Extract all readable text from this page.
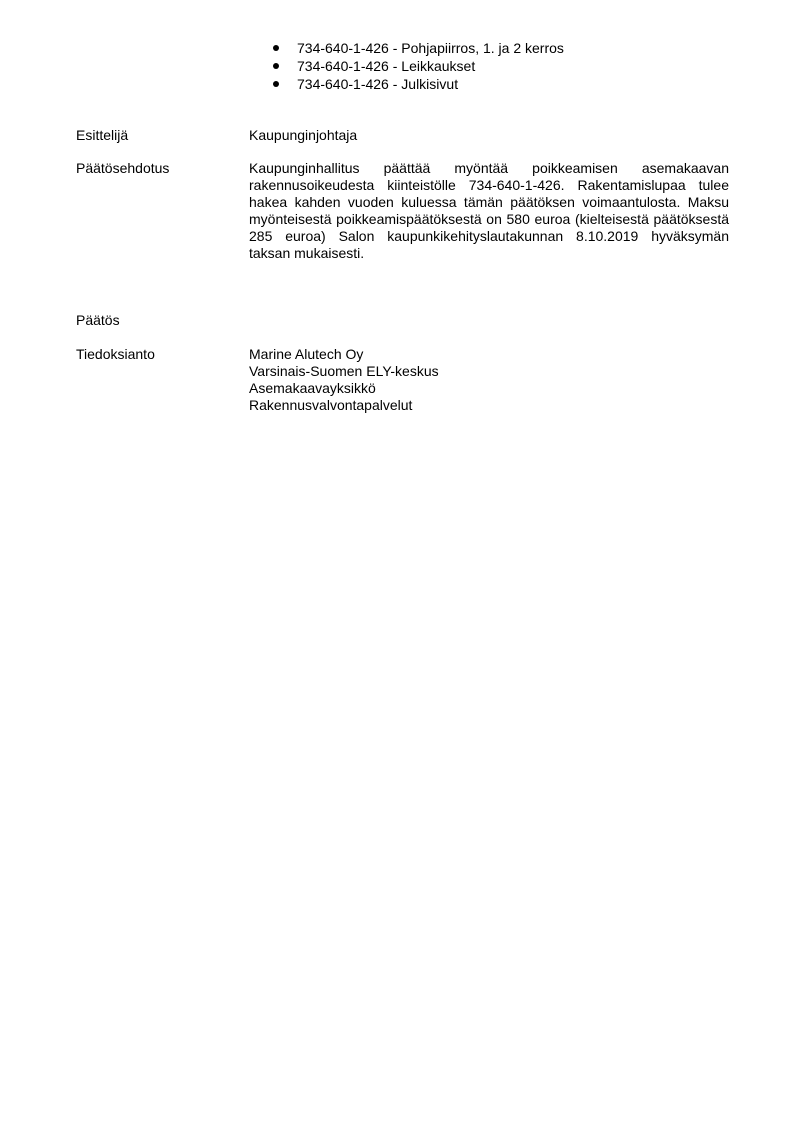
734-640-1-426 - Pohjapiirros, 1. ja 2 kerros
734-640-1-426 - Leikkaukset
734-640-1-426 - Julkisivut
Esittelijä	Kaupunginjohtaja
Päätösehdotus	Kaupunginhallitus päättää myöntää poikkeamisen asemakaavan rakennusoikeudesta kiinteistölle 734-640-1-426. Rakentamislupaa tulee hakea kahden vuoden kuluessa tämän päätöksen voimaantulosta. Maksu myönteisestä poikkeamispäätöksestä on 580 euroa (kielteisestä päätöksestä 285 euroa) Salon kaupunkikehityslautakunnan 8.10.2019 hyväksymän taksan mukaisesti.
Päätös
Tiedoksianto	Marine Alutech Oy
Varsinais-Suomen ELY-keskus
Asemakaavayksikkö
Rakennusvalvontapalvelut
